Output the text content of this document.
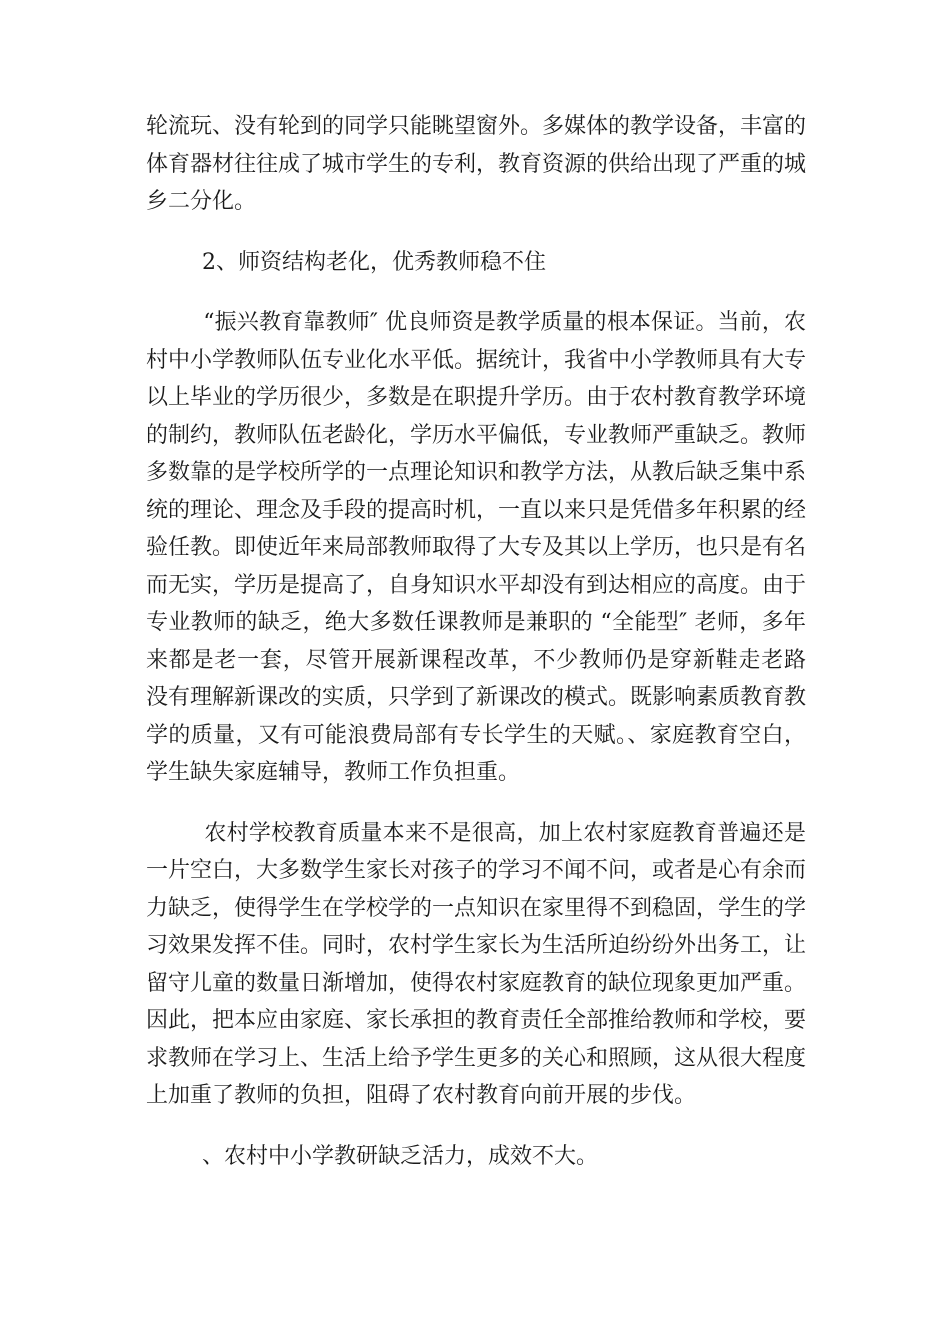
轮流玩、没有轮到的同学只能眺望窗外。多媒体的教学设备，丰富的体育器材往往成了城市学生的专利，教育资源的供给出现了严重的城乡二分化。

2、师资结构老化，优秀教师稳不住

“振兴教育靠教师″ 优良师资是教学质量的根本保证。当前，农村中小学教师队伍专业化水平低。据统计，我省中小学教师具有大专以上毕业的学历很少，多数是在职提升学历。由于农村教育教学环境的制约，教师队伍老龄化，学历水平偏低，专业教师严重缺乏。教师多数靠的是学校所学的一点理论知识和教学方法，从教后缺乏集中系统的理论、理念及手段的提高时机，一直以来只是凭借多年积累的经验任教。即使近年来局部教师取得了大专及其以上学历，也只是有名而无实，学历是提高了，自身知识水平却没有到达相应的高度。由于专业教师的缺乏，绝大多数任课教师是兼职的 “全能型″ 老师，多年来都是老一套，尽管开展新课程改革，不少教师仍是穿新鞋走老路 没有理解新课改的实质，只学到了新课改的模式。既影响素质教育教学的质量，又有可能浪费局部有专长学生的天赋。、家庭教育空白，学生缺失家庭辅导，教师工作负担重。

农村学校教育质量本来不是很高，加上农村家庭教育普遍还是一片空白，大多数学生家长对孩子的学习不闻不问，或者是心有余而力缺乏，使得学生在学校学的一点知识在家里得不到稳固，学生的学习效果发挥不佳。同时，农村学生家长为生活所迫纷纷外出务工，让留守儿童的数量日渐增加，使得农村家庭教育的缺位现象更加严重。因此，把本应由家庭、家长承担的教育责任全部推给教师和学校，要求教师在学习上、生活上给予学生更多的关心和照顾，这从很大程度上加重了教师的负担，阻碍了农村教育向前开展的步伐。

、农村中小学教研缺乏活力，成效不大。
